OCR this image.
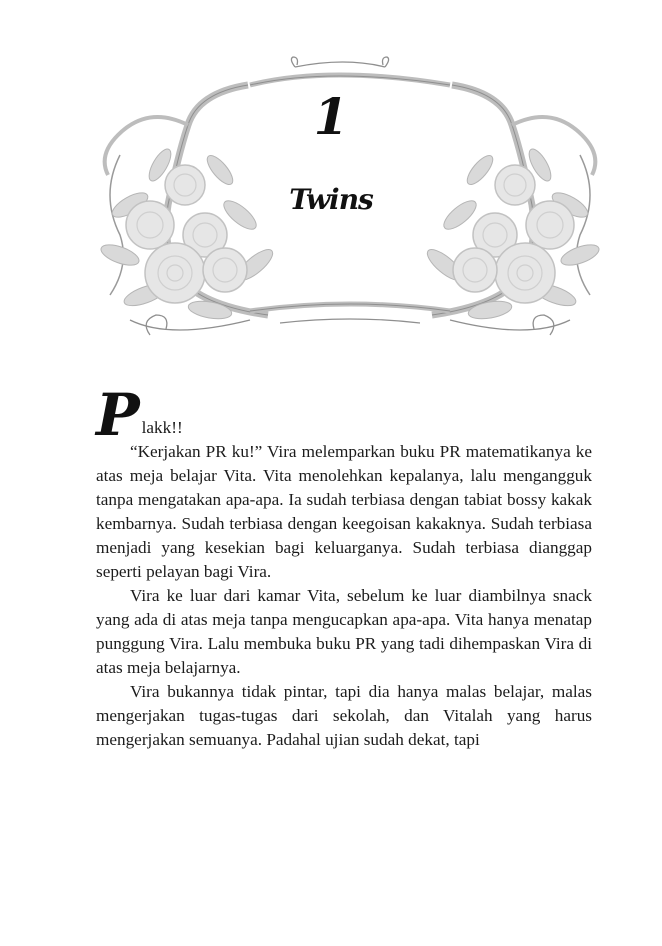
1
Twins
P lakk!!

“Kerjakan PR ku!” Vira melemparkan buku PR matematikanya ke atas meja belajar Vita. Vita menolehkan kepalanya, lalu mengangguk tanpa mengatakan apa-apa. Ia sudah terbiasa dengan tabiat bossy kakak kembarnya. Sudah terbiasa dengan keegoisan kakaknya. Sudah terbiasa menjadi yang kesekian bagi keluarganya. Sudah terbiasa dianggap seperti pelayan bagi Vira.

Vira ke luar dari kamar Vita, sebelum ke luar diambilnya snack yang ada di atas meja tanpa mengucapkan apa-apa. Vita hanya menatap punggung Vira. Lalu membuka buku PR yang tadi dihempaskan Vira di atas meja belajarnya.

Vira bukannya tidak pintar, tapi dia hanya malas belajar, malas mengerjakan tugas-tugas dari sekolah, dan Vitalah yang harus mengerjakan semuanya. Padahal ujian sudah dekat, tapi
